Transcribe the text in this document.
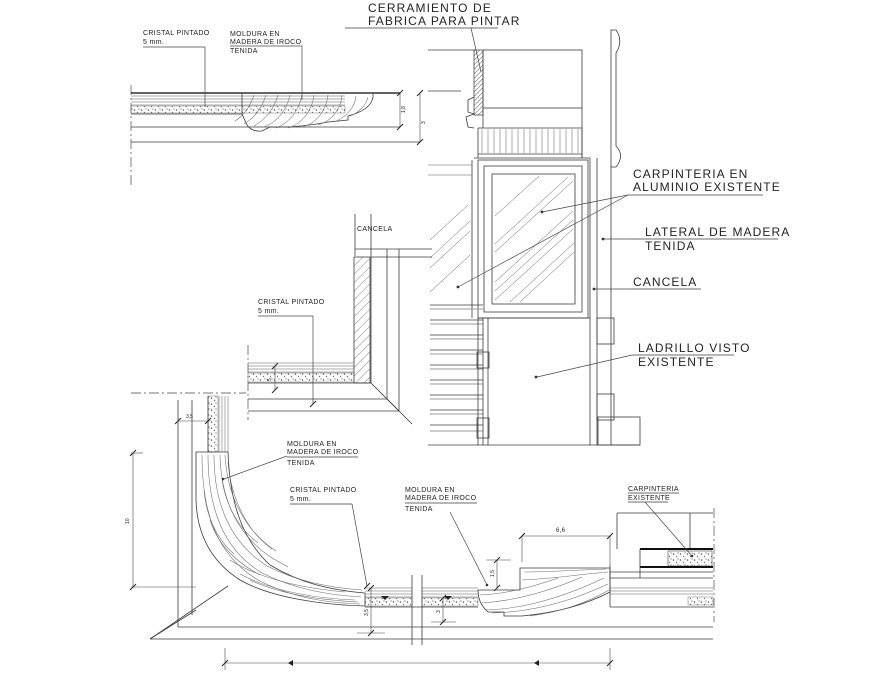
1,8
3
CRISTAL PINTADO
5 mm.
MOLDURA EN
MADERA DE IROCO
TENIDA
CERRAMIENTO DE
FABRICA PARA PINTAR
CARPINTERIA EN
ALUMINIO EXISTENTE
LATERAL DE MADERA
TENIDA
CANCELA
LADRILLO VISTO
EXISTENTE
CANCELA
5
CRISTAL PINTADO
5 mm.
3,5
10
3,5	3
1,5
6,6
MOLDURA EN
MADERA DE IROCO
TENIDA
CRISTAL PINTADO
5 mm.
MOLDURA EN
MADERA DE IROCO
TENIDA
CARPINTERIA
EXISTENTE
